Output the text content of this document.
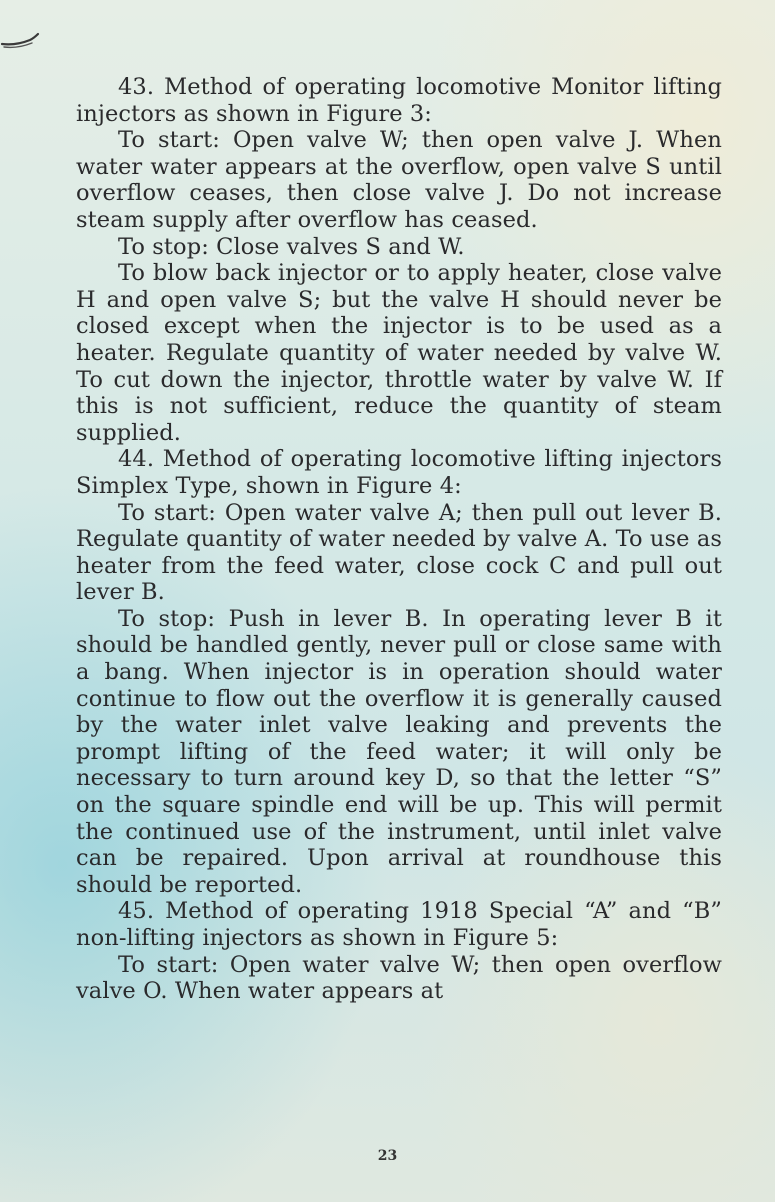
43. Method of operating locomotive Monitor lifting injectors as shown in Figure 3:

To start: Open valve W; then open valve J. When water water appears at the overflow, open valve S until overflow ceases, then close valve J. Do not increase steam supply after overflow has ceased.

To stop: Close valves S and W.

To blow back injector or to apply heater, close valve H and open valve S; but the valve H should never be closed except when the injector is to be used as a heater. Regulate quantity of water needed by valve W. To cut down the injector, throttle water by valve W. If this is not sufficient, reduce the quantity of steam supplied.

44. Method of operating locomotive lifting injectors Simplex Type, shown in Figure 4:

To start: Open water valve A; then pull out lever B. Regulate quantity of water needed by valve A. To use as heater from the feed water, close cock C and pull out lever B.

To stop: Push in lever B. In operating lever B it should be handled gently, never pull or close same with a bang. When injector is in operation should water continue to flow out the overflow it is generally caused by the water inlet valve leaking and prevents the prompt lifting of the feed water; it will only be necessary to turn around key D, so that the letter “S” on the square spindle end will be up. This will permit the continued use of the instrument, until inlet valve can be repaired. Upon arrival at roundhouse this should be reported.

45. Method of operating 1918 Special “A” and “B” non-lifting injectors as shown in Figure 5:

To start: Open water valve W; then open overflow valve O. When water appears at

23
